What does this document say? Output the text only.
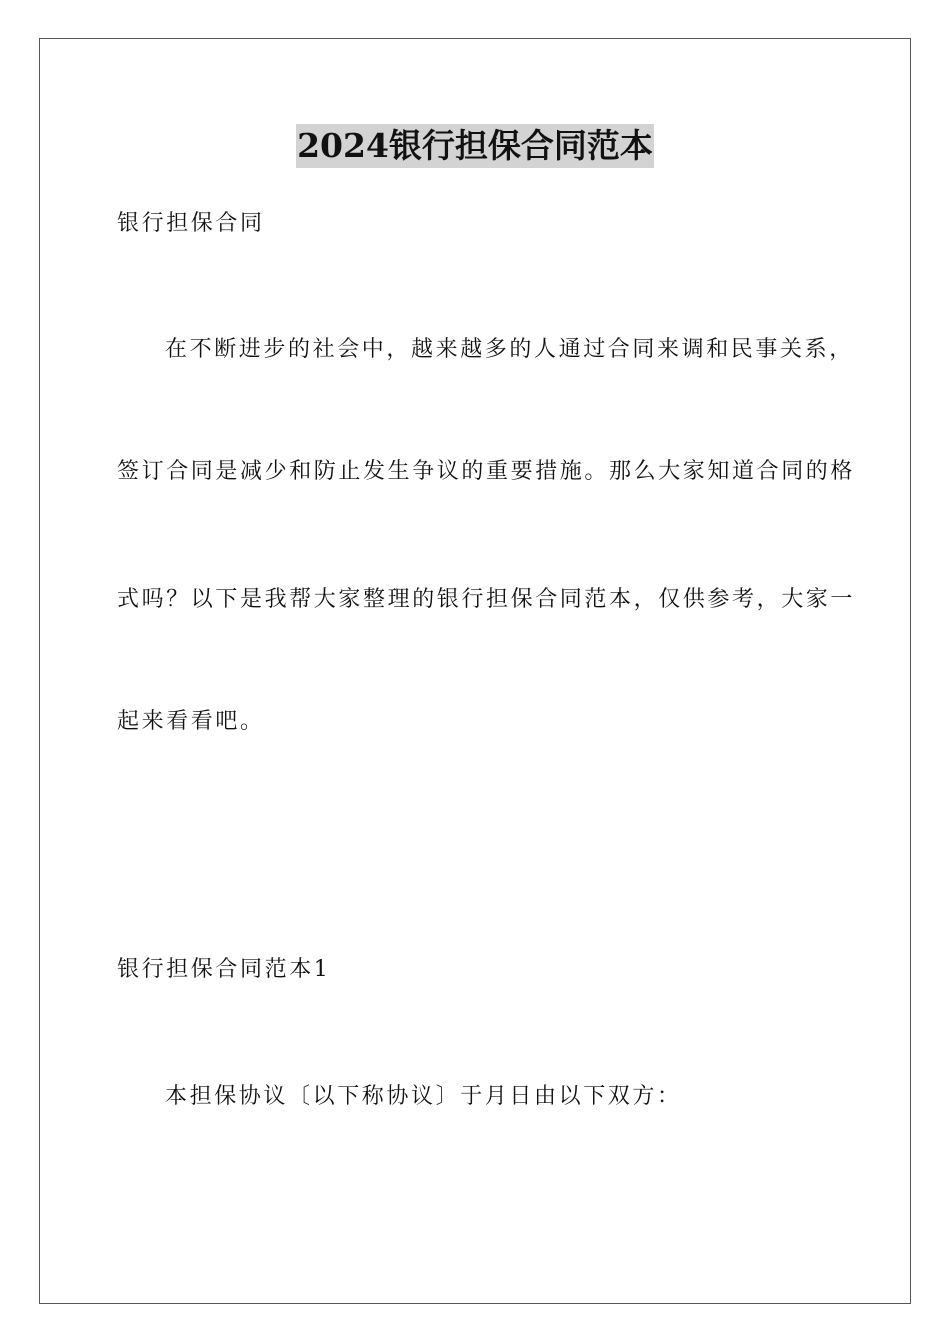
2024银行担保合同范本
银行担保合同
在不断进步的社会中，越来越多的人通过合同来调和民事关系，
签订合同是减少和防止发生争议的重要措施。那么大家知道合同的格
式吗？以下是我帮大家整理的银行担保合同范本，仅供参考，大家一
起来看看吧。
银行担保合同范本1
本担保协议〔以下称协议〕于月日由以下双方：
